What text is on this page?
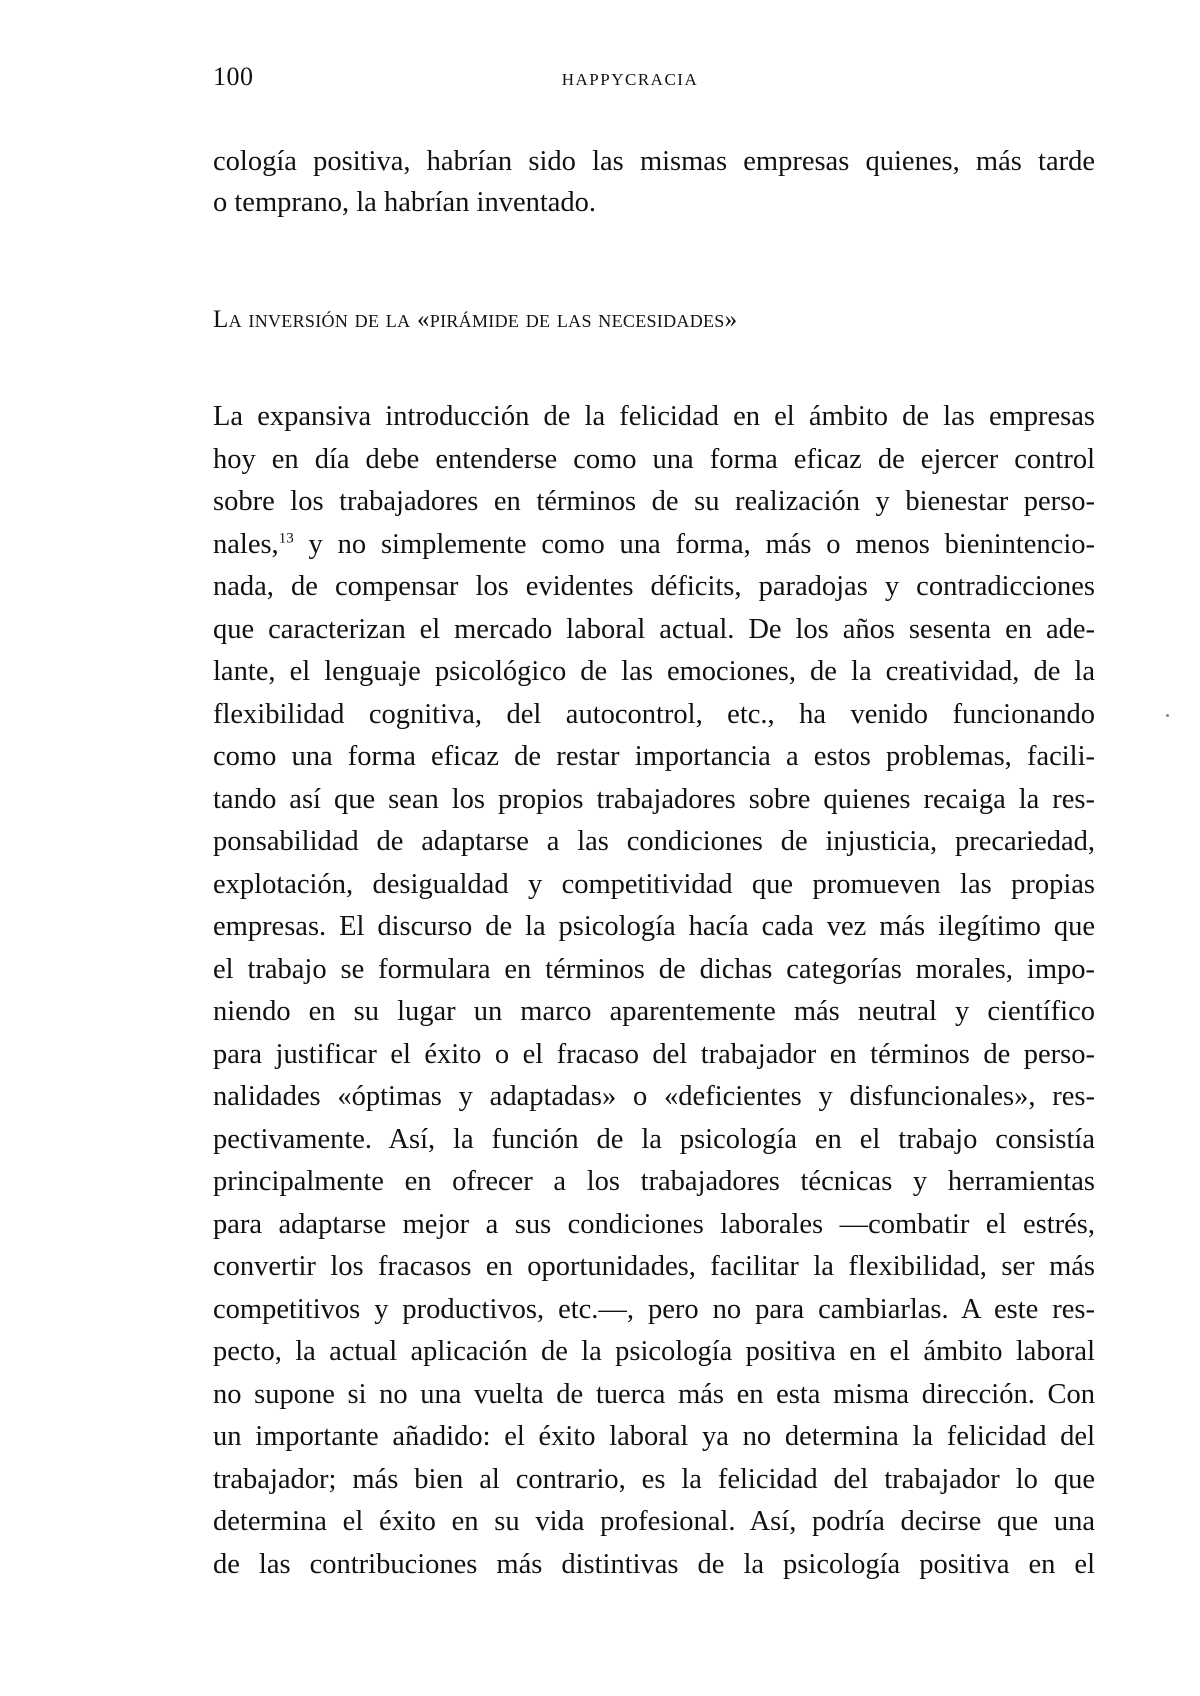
100	HAPPYCRACIA
cología positiva, habrían sido las mismas empresas quienes, más tarde
o temprano, la habrían inventado.
La inversión de la «pirámide de las necesidades»
La expansiva introducción de la felicidad en el ámbito de las empresas
hoy en día debe entenderse como una forma eficaz de ejercer control
sobre los trabajadores en términos de su realización y bienestar perso-
nales,$^{13}$ y no simplemente como una forma, más o menos bienintencio-
nada, de compensar los evidentes déficits, paradojas y contradicciones
que caracterizan el mercado laboral actual. De los años sesenta en ade-
lante, el lenguaje psicológico de las emociones, de la creatividad, de la
flexibilidad cognitiva, del autocontrol, etc., ha venido funcionando
como una forma eficaz de restar importancia a estos problemas, facili-
tando así que sean los propios trabajadores sobre quienes recaiga la res-
ponsabilidad de adaptarse a las condiciones de injusticia, precariedad,
explotación, desigualdad y competitividad que promueven las propias
empresas. El discurso de la psicología hacía cada vez más ilegítimo que
el trabajo se formulara en términos de dichas categorías morales, impo-
niendo en su lugar un marco aparentemente más neutral y científico
para justificar el éxito o el fracaso del trabajador en términos de perso-
nalidades «óptimas y adaptadas» o «deficientes y disfuncionales», res-
pectivamente. Así, la función de la psicología en el trabajo consistía
principalmente en ofrecer a los trabajadores técnicas y herramientas
para adaptarse mejor a sus condiciones laborales —combatir el estrés,
convertir los fracasos en oportunidades, facilitar la flexibilidad, ser más
competitivos y productivos, etc.—, pero no para cambiarlas. A este res-
pecto, la actual aplicación de la psicología positiva en el ámbito laboral
no supone si no una vuelta de tuerca más en esta misma dirección. Con
un importante añadido: el éxito laboral ya no determina la felicidad del
trabajador; más bien al contrario, es la felicidad del trabajador lo que
determina el éxito en su vida profesional. Así, podría decirse que una
de las contribuciones más distintivas de la psicología positiva en el
